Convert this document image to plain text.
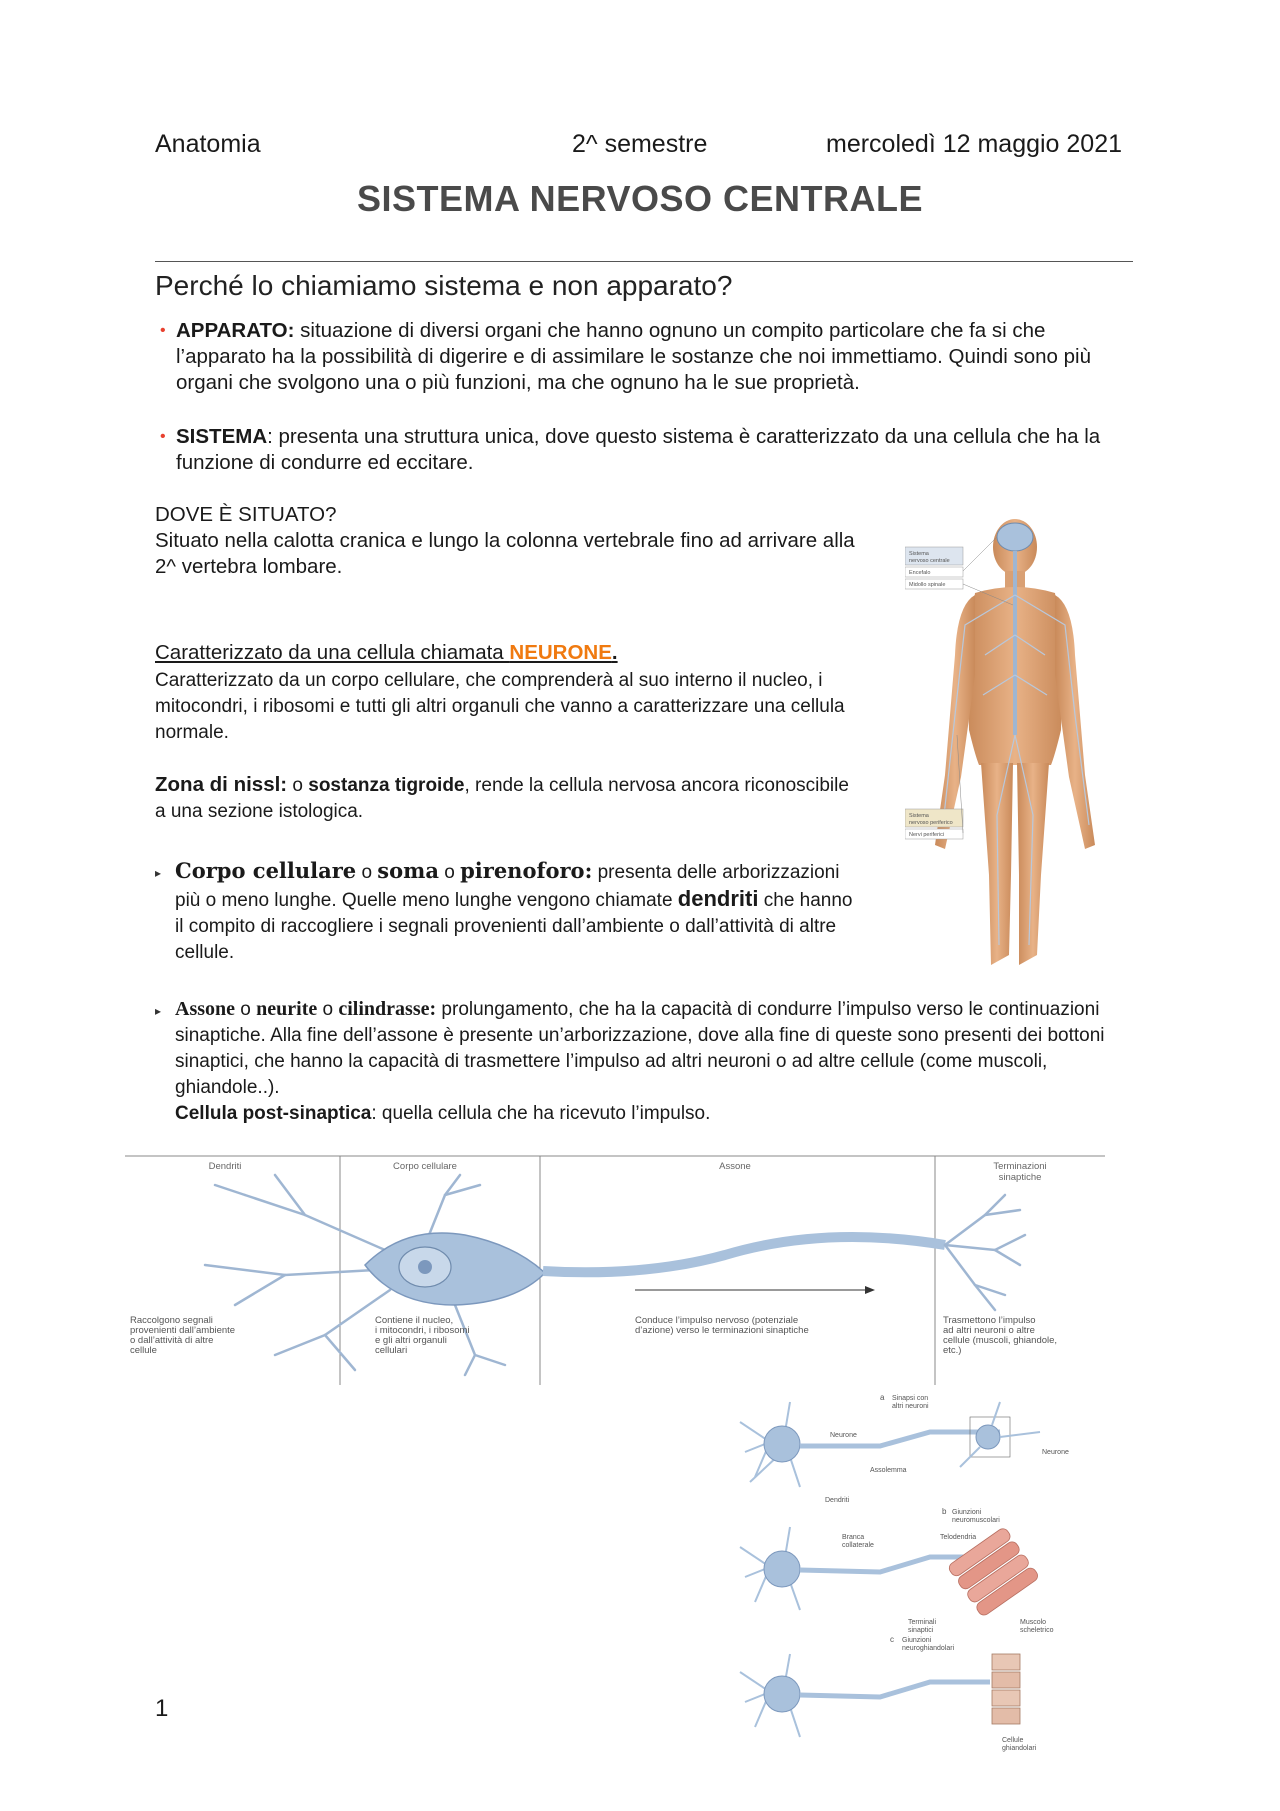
Anatomia	2^ semestre	mercoledì 12 maggio 2021
SISTEMA NERVOSO CENTRALE
Perché lo chiamiamo sistema e non apparato?
• APPARATO: situazione di diversi organi che hanno ognuno un compito particolare che fa si che l’apparato ha la possibilità di digerire e di assimilare le sostanze che noi immettiamo. Quindi sono più organi che svolgono una o più funzioni, ma che ognuno ha le sue proprietà.
• SISTEMA: presenta una struttura unica, dove questo sistema è caratterizzato da una cellula che ha la funzione di condurre ed eccitare.
DOVE È SITUATO?
Situato nella calotta cranica e lungo la colonna vertebrale fino ad arrivare alla 2^ vertebra lombare.
Caratterizzato da una cellula chiamata NEURONE.
Caratterizzato da un corpo cellulare, che comprenderà al suo interno il nucleo, i mitocondri, i ribosomi e tutti gli altri organuli che vanno a caratterizzare una cellula normale.
Zona di nissl: o sostanza tigroide, rende la cellula nervosa ancora riconoscibile a una sezione istologica.
▸ Corpo cellulare o soma o pirenoforo: presenta delle arborizzazioni più o meno lunghe. Quelle meno lunghe vengono chiamate dendriti che hanno il compito di raccogliere i segnali provenienti dall’ambiente o dall’attività di altre cellule.
▸ Assone o neurite o cilindrasse: prolungamento, che ha la capacità di condurre l’impulso verso le continuazioni sinaptiche. Alla fine dell’assone è presente un’arborizzazione, dove alla fine di queste sono presenti dei bottoni sinaptici, che hanno la capacità di trasmettere l’impulso ad altri neuroni o ad altre cellule (come muscoli, ghiandole..).
Cellula post-sinaptica: quella cellula che ha ricevuto l’impulso.
Sistema
nervoso centrale
Encefalo
Midollo spinale
Sistema
nervoso periferico
Nervi periferici
Dendriti	Corpo cellulare	Assone	Terminazioni
sinaptiche
Raccolgono segnali
provenienti dall’ambiente
o dall’attività di altre
cellule
Contiene il nucleo,
i mitocondri, i ribosomi
e gli altri organuli
cellulari
Conduce l’impulso nervoso (potenziale
d’azione) verso le terminazioni sinaptiche
Trasmettono l’impulso
ad altri neuroni o altre
cellule (muscoli, ghiandole,
etc.)
a Sinapsi con
altri neuroni
Neurone
Neurone
Assolemma
Dendriti
b Giunzioni
neuromuscolari
Branca
collaterale
Telodendria
Terminali
sinaptici
Muscolo
scheletrico
c Giunzioni
neuroghiandolari
Cellule
ghiandolari
1
